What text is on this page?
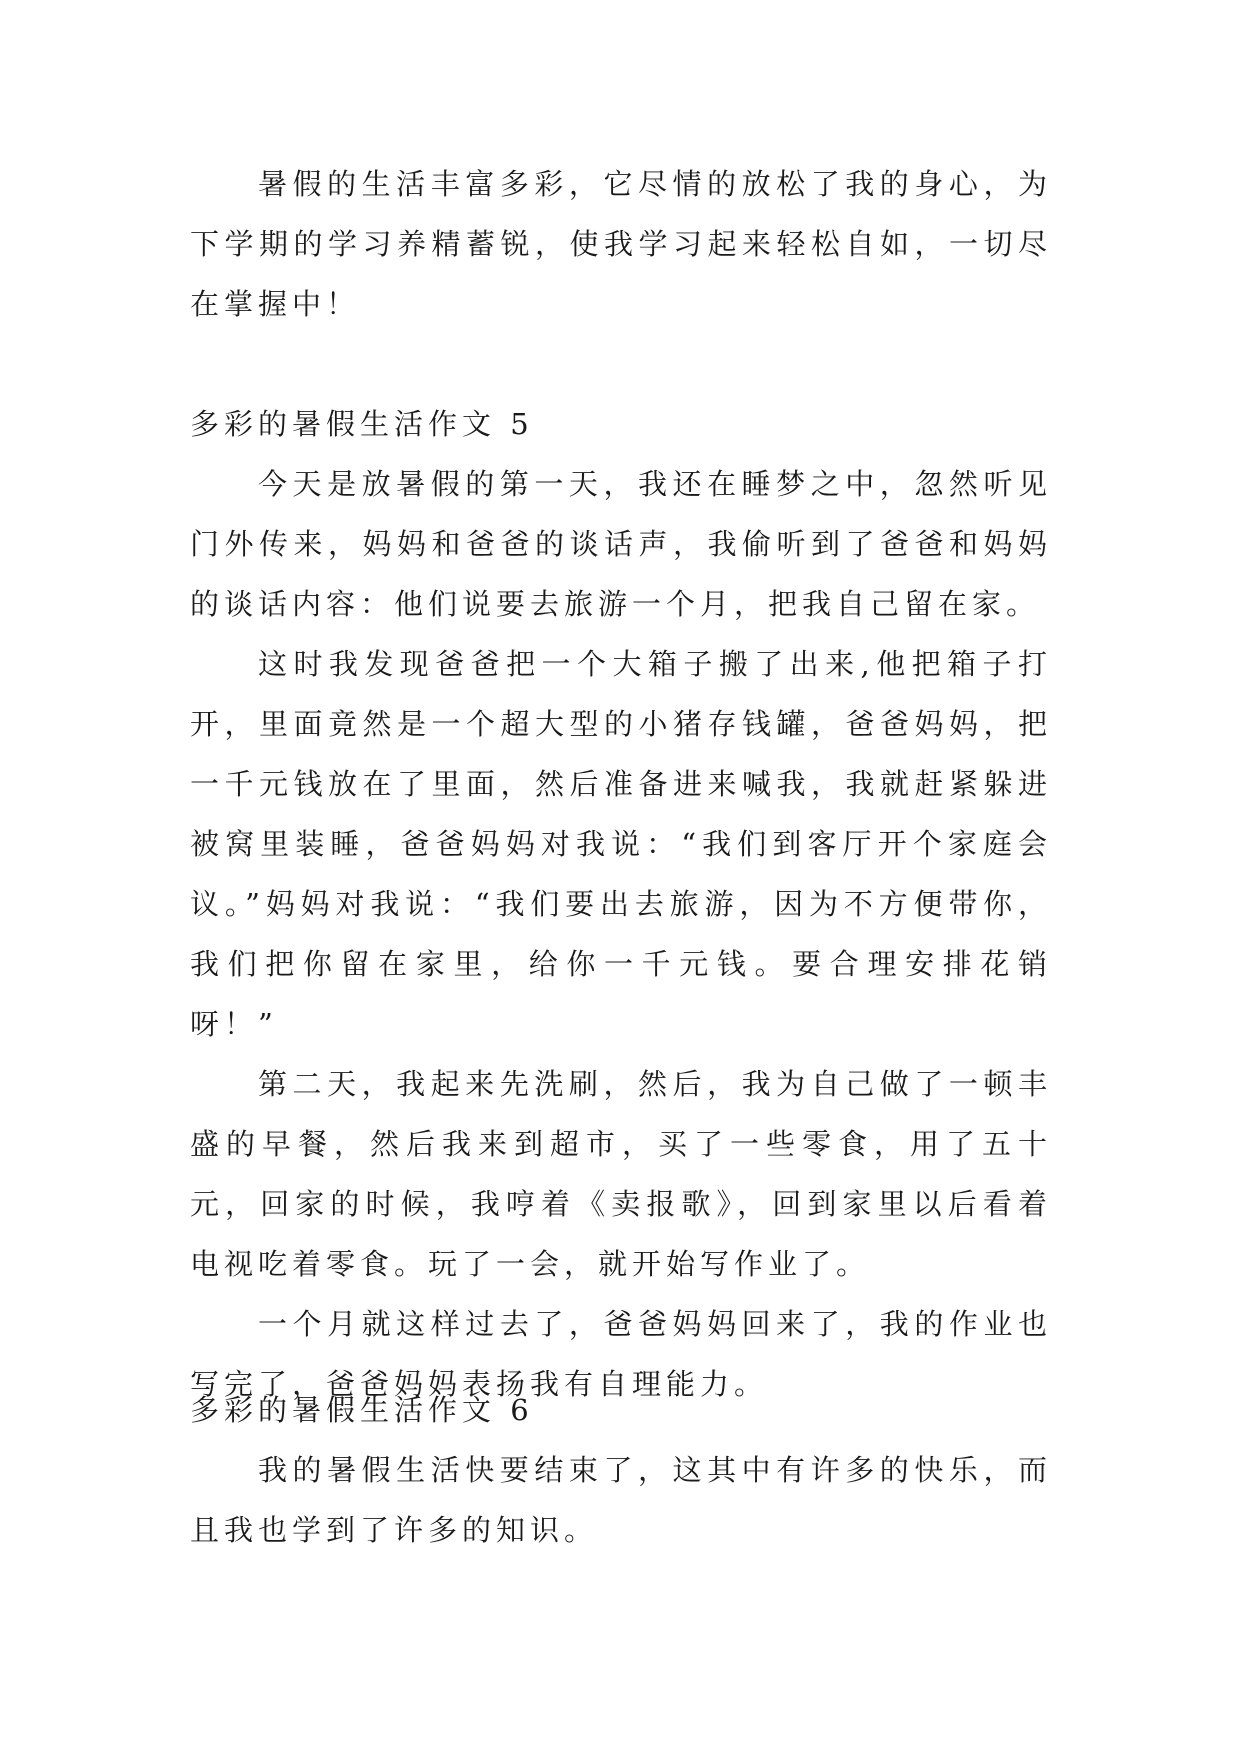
暑假的生活丰富多彩，它尽情的放松了我的身心，为下学期的学习养精蓄锐，使我学习起来轻松自如，一切尽在掌握中！

多彩的暑假生活作文 5

今天是放暑假的第一天，我还在睡梦之中，忽然听见门外传来，妈妈和爸爸的谈话声，我偷听到了爸爸和妈妈的谈话内容：他们说要去旅游一个月，把我自己留在家。

这时我发现爸爸把一个大箱子搬了出来,他把箱子打开，里面竟然是一个超大型的小猪存钱罐，爸爸妈妈，把一千元钱放在了里面，然后准备进来喊我，我就赶紧躲进被窝里装睡，爸爸妈妈对我说：“我们到客厅开个家庭会议。”妈妈对我说：“我们要出去旅游，因为不方便带你，我们把你留在家里，给你一千元钱。要合理安排花销呀！”

第二天，我起来先洗刷，然后，我为自己做了一顿丰盛的早餐，然后我来到超市，买了一些零食，用了五十元，回家的时候，我哼着《卖报歌》，回到家里以后看着电视吃着零食。玩了一会，就开始写作业了。

一个月就这样过去了，爸爸妈妈回来了，我的作业也写完了，爸爸妈妈表扬我有自理能力。

多彩的暑假生活作文 6

我的暑假生活快要结束了，这其中有许多的快乐，而且我也学到了许多的知识。
